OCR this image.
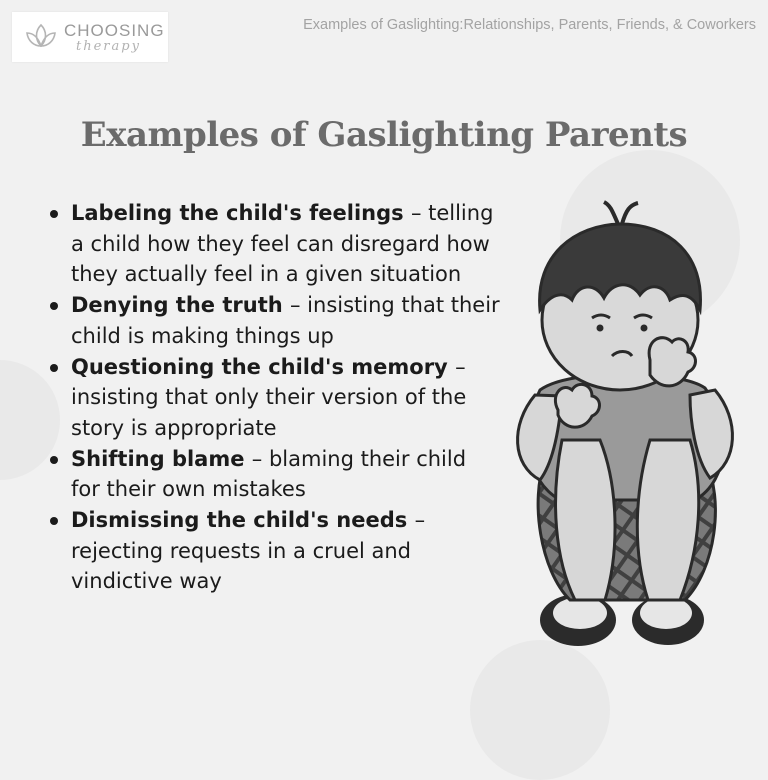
CHOOSING
therapy
Examples of Gaslighting:Relationships, Parents, Friends, & Coworkers
Examples of Gaslighting Parents
Labeling the child's feelings – telling a child how they feel can disregard how they actually feel in a given situation
Denying the truth – insisting that their child is making things up
Questioning the child's memory – insisting that only their version of the story is appropriate
Shifting blame – blaming their child for their own mistakes
Dismissing the child's needs – rejecting requests in a cruel and vindictive way
